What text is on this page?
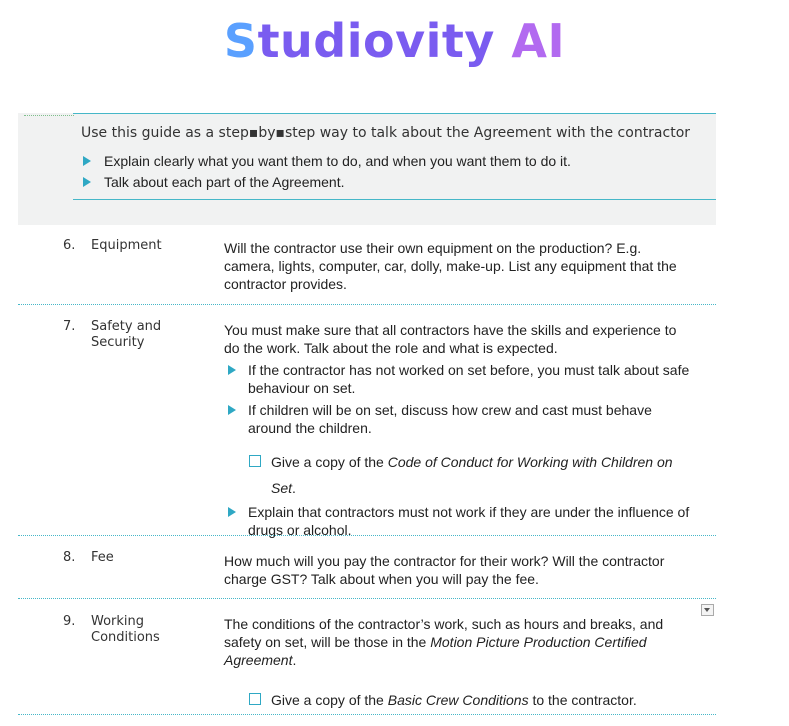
Studiovity AI
Use this guide as a step▪by▪step way to talk about the Agreement with the contractor
Explain clearly what you want them to do, and when you want them to do it.
Talk about each part of the Agreement.
6. Equipment	Will the contractor use their own equipment on the production? E.g. camera, lights, computer, car, dolly, make-up. List any equipment that the contractor provides.
7. Safety and Security
You must make sure that all contractors have the skills and experience to do the work. Talk about the role and what is expected.
If the contractor has not worked on set before, you must talk about safe behaviour on set.
If children will be on set, discuss how crew and cast must behave around the children.
Give a copy of the Code of Conduct for Working with Children on Set.
Explain that contractors must not work if they are under the influence of drugs or alcohol.
8. Fee	How much will you pay the contractor for their work? Will the contractor charge GST? Talk about when you will pay the fee.
9. Working Conditions
The conditions of the contractor’s work, such as hours and breaks, and safety on set, will be those in the Motion Picture Production Certified Agreement.
Give a copy of the Basic Crew Conditions to the contractor.
